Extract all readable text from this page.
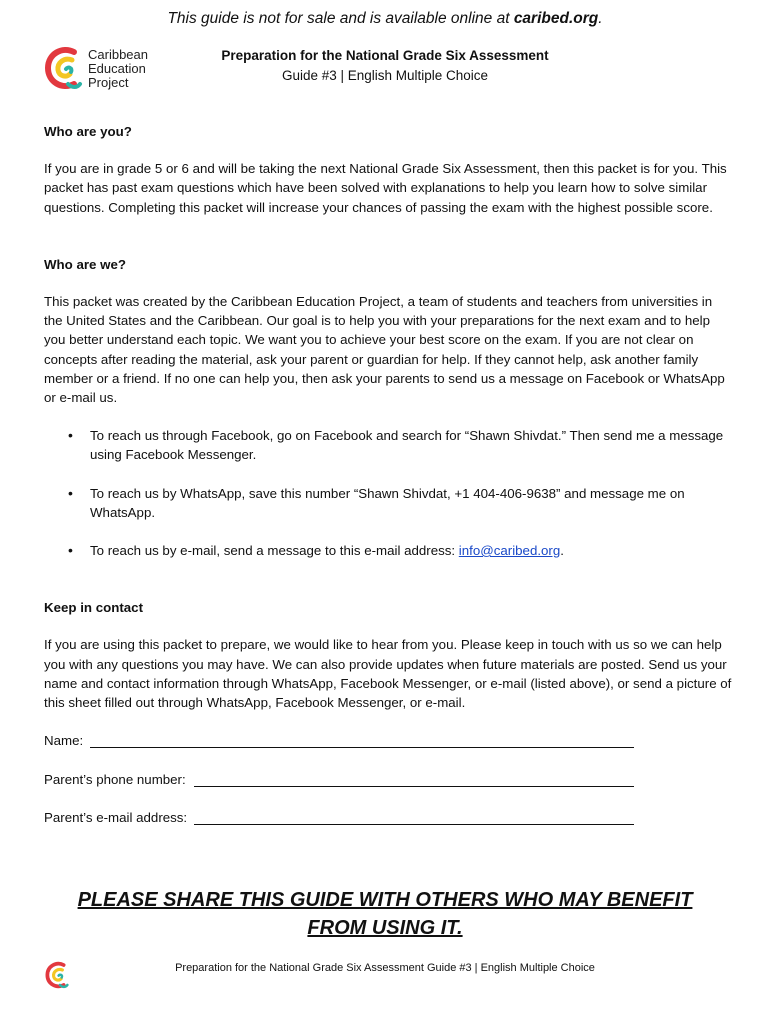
This guide is not for sale and is available online at caribed.org.
Caribbean
Education
Project
Preparation for the National Grade Six Assessment
Guide #3 | English Multiple Choice
Who are you?

If you are in grade 5 or 6 and will be taking the next National Grade Six Assessment, then this packet is for you. This packet has past exam questions which have been solved with explanations to help you learn how to solve similar questions. Completing this packet will increase your chances of passing the exam with the highest possible score.

Who are we?

This packet was created by the Caribbean Education Project, a team of students and teachers from universities in the United States and the Caribbean. Our goal is to help you with your preparations for the next exam and to help you better understand each topic. We want you to achieve your best score on the exam. If you are not clear on concepts after reading the material, ask your parent or guardian for help. If they cannot help, ask another family member or a friend. If no one can help you, then ask your parents to send us a message on Facebook or WhatsApp or e-mail us.

• To reach us through Facebook, go on Facebook and search for “Shawn Shivdat.” Then send me a message using Facebook Messenger.
• To reach us by WhatsApp, save this number “Shawn Shivdat, +1 404-406-9638” and message me on WhatsApp.
• To reach us by e-mail, send a message to this e-mail address: info@caribed.org.
Keep in contact

If you are using this packet to prepare, we would like to hear from you. Please keep in touch with us so we can help you with any questions you may have. We can also provide updates when future materials are posted. Send us your name and contact information through WhatsApp, Facebook Messenger, or e-mail (listed above), or send a picture of this sheet filled out through WhatsApp, Facebook Messenger, or e-mail.

Name:
Parent’s phone number:
Parent’s e-mail address:
PLEASE SHARE THIS GUIDE WITH OTHERS WHO MAY BENEFIT
FROM USING IT.
Preparation for the National Grade Six Assessment Guide #3 | English Multiple Choice
